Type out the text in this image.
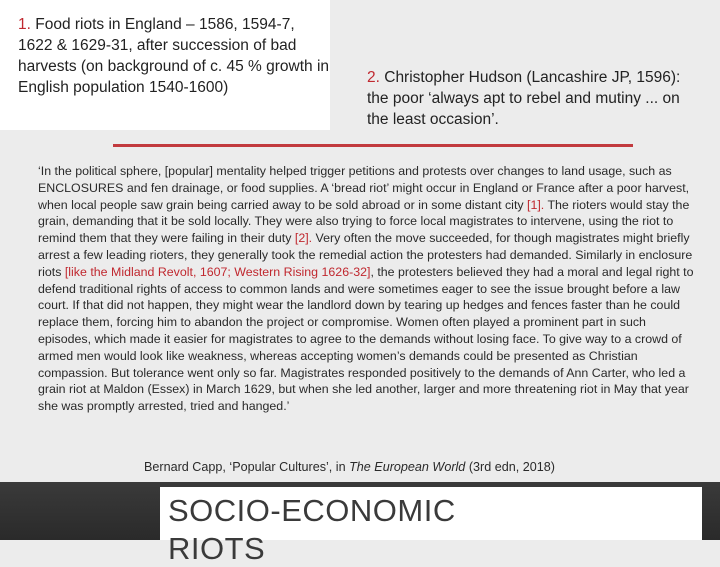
1. Food riots in England – 1586, 1594-7, 1622 & 1629-31, after succession of bad harvests (on background of c. 45 % growth in English population 1540-1600)
2. Christopher Hudson (Lancashire JP, 1596): the poor ‘always apt to rebel and mutiny ... on the least occasion’.
‘In the political sphere, [popular] mentality helped trigger petitions and protests over changes to land usage, such as ENCLOSURES and fen drainage, or food supplies. A ‘bread riot’ might occur in England or France after a poor harvest, when local people saw grain being carried away to be sold abroad or in some distant city [1]. The rioters would stay the grain, demanding that it be sold locally. They were also trying to force local magistrates to intervene, using the riot to remind them that they were failing in their duty [2]. Very often the move succeeded, for though magistrates might briefly arrest a few leading rioters, they generally took the remedial action the protesters had demanded. Similarly in enclosure riots [like the Midland Revolt, 1607; Western Rising 1626-32], the protesters believed they had a moral and legal right to defend traditional rights of access to common lands and were sometimes eager to see the issue brought before a law court. If that did not happen, they might wear the landlord down by tearing up hedges and fences faster than he could replace them, forcing him to abandon the project or compromise. Women often played a prominent part in such episodes, which made it easier for magistrates to agree to the demands without losing face. To give way to a crowd of armed men would look like weakness, whereas accepting women’s demands could be presented as Christian compassion. But tolerance went only so far. Magistrates responded positively to the demands of Ann Carter, who led a grain riot at Maldon (Essex) in March 1629, but when she led another, larger and more threatening riot in May that year she was promptly arrested, tried and hanged.’
Bernard Capp, ‘Popular Cultures’, in The European World (3rd edn, 2018)
SOCIO-ECONOMIC
RIOTS
